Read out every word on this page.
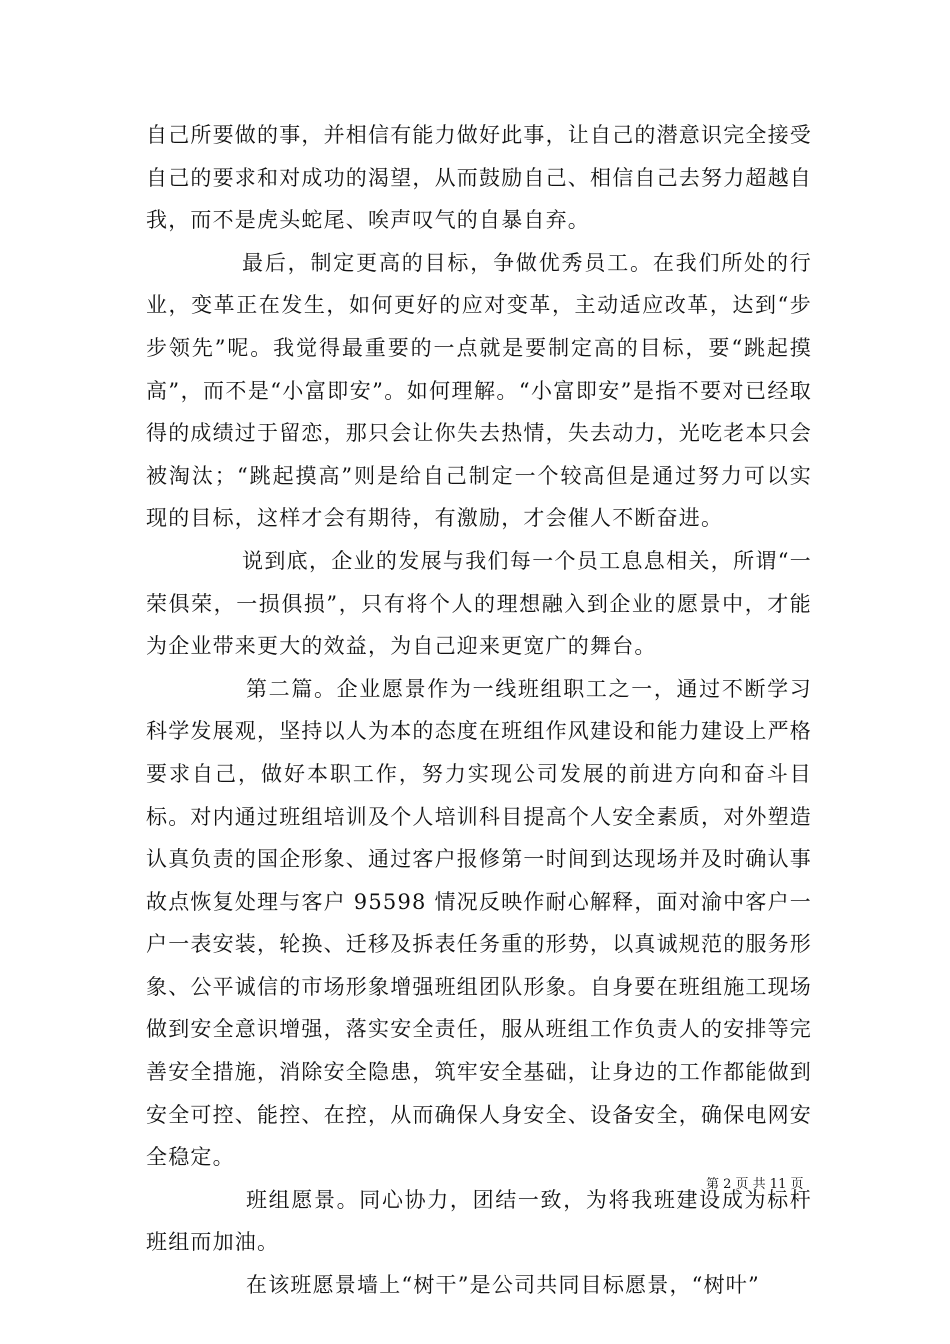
自己所要做的事，并相信有能力做好此事，让自己的潜意识完全接受自己的要求和对成功的渴望，从而鼓励自己、相信自己去努力超越自我，而不是虎头蛇尾、唉声叹气的自暴自弃。

最后，制定更高的目标，争做优秀员工。在我们所处的行业，变革正在发生，如何更好的应对变革，主动适应改革，达到“步步领先”呢。我觉得最重要的一点就是要制定高的目标，要“跳起摸高”，而不是“小富即安”。如何理解。“小富即安”是指不要对已经取得的成绩过于留恋，那只会让你失去热情，失去动力，光吃老本只会被淘汰；“跳起摸高”则是给自己制定一个较高但是通过努力可以实现的目标，这样才会有期待，有激励，才会催人不断奋进。

说到底，企业的发展与我们每一个员工息息相关，所谓“一荣俱荣，一损俱损”，只有将个人的理想融入到企业的愿景中，才能为企业带来更大的效益，为自己迎来更宽广的舞台。

第二篇。企业愿景作为一线班组职工之一，通过不断学习科学发展观，坚持以人为本的态度在班组作风建设和能力建设上严格要求自己，做好本职工作，努力实现公司发展的前进方向和奋斗目标。对内通过班组培训及个人培训科目提高个人安全素质，对外塑造认真负责的国企形象、通过客户报修第一时间到达现场并及时确认事故点恢复处理与客户 95598 情况反映作耐心解释，面对渝中客户一户一表安装，轮换、迁移及拆表任务重的形势，以真诚规范的服务形象、公平诚信的市场形象增强班组团队形象。自身要在班组施工现场做到安全意识增强，落实安全责任，服从班组工作负责人的安排等完善安全措施，消除安全隐患，筑牢安全基础，让身边的工作都能做到安全可控、能控、在控，从而确保人身安全、设备安全，确保电网安全稳定。

班组愿景。同心协力，团结一致，为将我班建设成为标杆班组而加油。

在该班愿景墙上“树干”是公司共同目标愿景，“树叶”

第 2 页 共 11 页
